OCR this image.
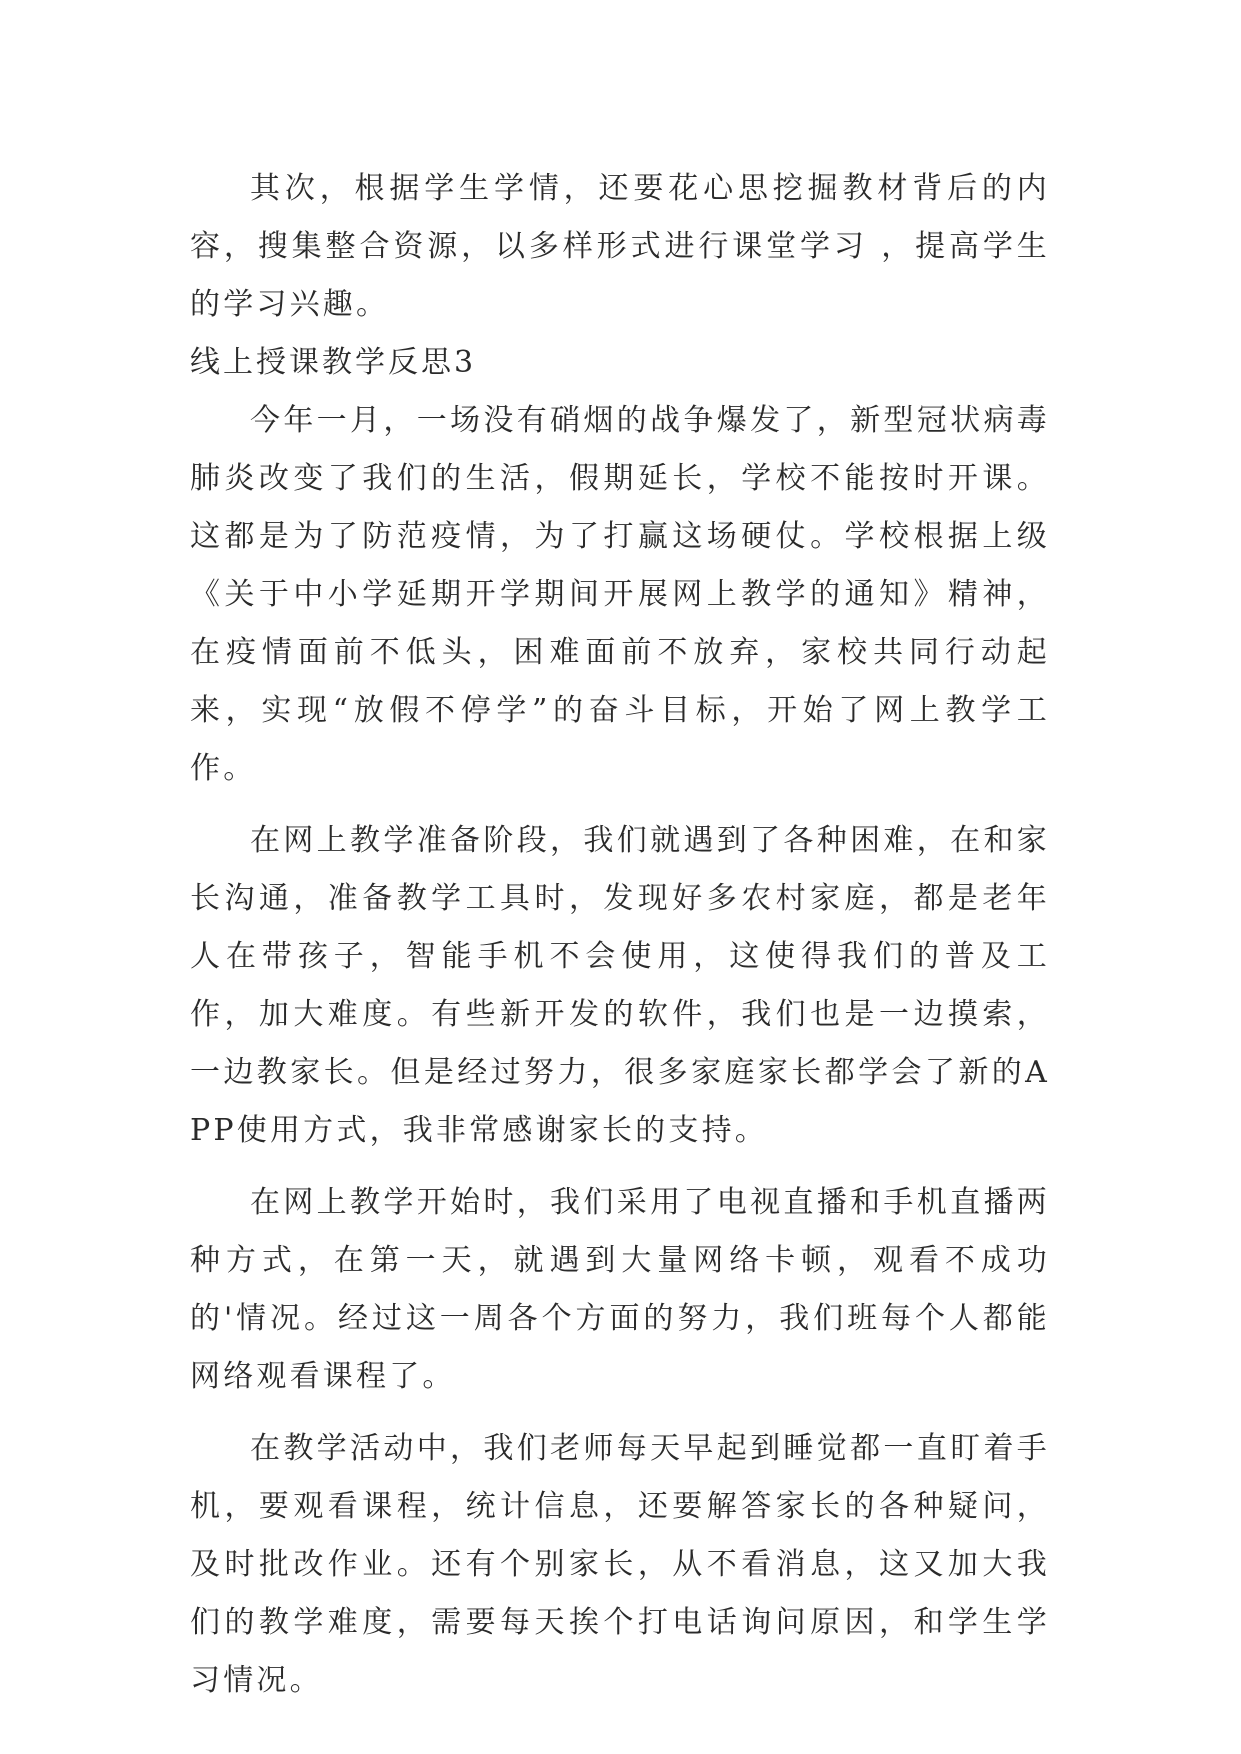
其次，根据学生学情，还要花心思挖掘教材背后的内容，搜集整合资源，以多样形式进行课堂学习 ，提高学生的学习兴趣。

线上授课教学反思3

今年一月，一场没有硝烟的战争爆发了，新型冠状病毒肺炎改变了我们的生活，假期延长，学校不能按时开课。这都是为了防范疫情，为了打赢这场硬仗。学校根据上级《关于中小学延期开学期间开展网上教学的通知》精神，在疫情面前不低头，困难面前不放弃，家校共同行动起来，实现“放假不停学”的奋斗目标，开始了网上教学工作。

在网上教学准备阶段，我们就遇到了各种困难，在和家长沟通，准备教学工具时，发现好多农村家庭，都是老年人在带孩子，智能手机不会使用，这使得我们的普及工作，加大难度。有些新开发的软件，我们也是一边摸索，一边教家长。但是经过努力，很多家庭家长都学会了新的APP使用方式，我非常感谢家长的支持。

在网上教学开始时，我们采用了电视直播和手机直播两种方式，在第一天，就遇到大量网络卡顿，观看不成功的'情况。经过这一周各个方面的努力，我们班每个人都能网络观看课程了。

在教学活动中，我们老师每天早起到睡觉都一直盯着手机，要观看课程，统计信息，还要解答家长的各种疑问，及时批改作业。还有个别家长，从不看消息，这又加大我们的教学难度，需要每天挨个打电话询问原因，和学生学习情况。
